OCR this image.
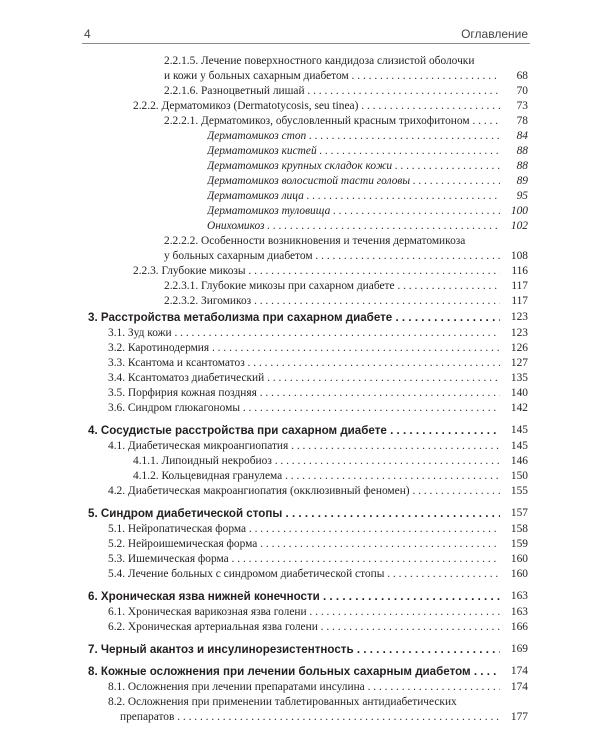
4	Оглавление
2.2.1.5. Лечение поверхностного кандидоза слизистой оболочки
и кожи у больных сахарным диабетом . . .	68
2.2.1.6. Разноцветный лишай . . .	70
2.2.2. Дерматомикоз (Dermatotycosis, seu tinea) . . .	73
2.2.2.1. Дерматомикоз, обусловленный красным трихофитоном . . .	78
Дерматомикоз стоп . . .	84
Дерматомикоз кистей . . .	88
Дерматомикоз крупных складок кожи . . .	88
Дерматомикоз волосистой тасти головы . . .	89
Дерматомикоз лица . . .	95
Дерматомикоз туловища . . .	100
Онихомикоз . . .	102
2.2.2.2. Особенности возникновения и течения дерматомикоза
у больных сахарным диабетом . . .	108
2.2.3. Глубокие микозы . . .	116
2.2.3.1. Глубокие микозы при сахарном диабете . . .	117
2.2.3.2. Зигомикоз . . .	117
3. Расстройства метаболизма при сахарном диабете . . .	123
3.1. Зуд кожи . . .	123
3.2. Каротинодермия . . .	126
3.3. Ксантома и ксантоматоз . . .	127
3.4. Ксантоматоз диабетический . . .	135
3.5. Порфирия кожная поздняя . . .	140
3.6. Синдром глюкагономы . . .	142
4. Сосудистые расстройства при сахарном диабете . . .	145
4.1. Диабетическая микроангиопатия . . .	145
4.1.1. Липоидный некробиоз . . .	146
4.1.2. Кольцевидная гранулема . . .	150
4.2. Диабетическая макроангиопатия (окклюзивный феномен) . . .	155
5. Синдром диабетической стопы . . .	157
5.1. Нейропатическая форма . . .	158
5.2. Нейроишемическая форма . . .	159
5.3. Ишемическая форма . . .	160
5.4. Лечение больных с синдромом диабетической стопы . . .	160
6. Хроническая язва нижней конечности . . .	163
6.1. Хроническая варикозная язва голени . . .	163
6.2. Хроническая артериальная язва голени . . .	166
7. Черный акантоз и инсулинорезистентность . . .	169
8. Кожные осложнения при лечении больных сахарным диабетом . . .	174
8.1. Осложнения при лечении препаратами инсулина . . .	174
8.2. Осложнения при применении таблетированных антидиабетических
препаратов . . .	177
